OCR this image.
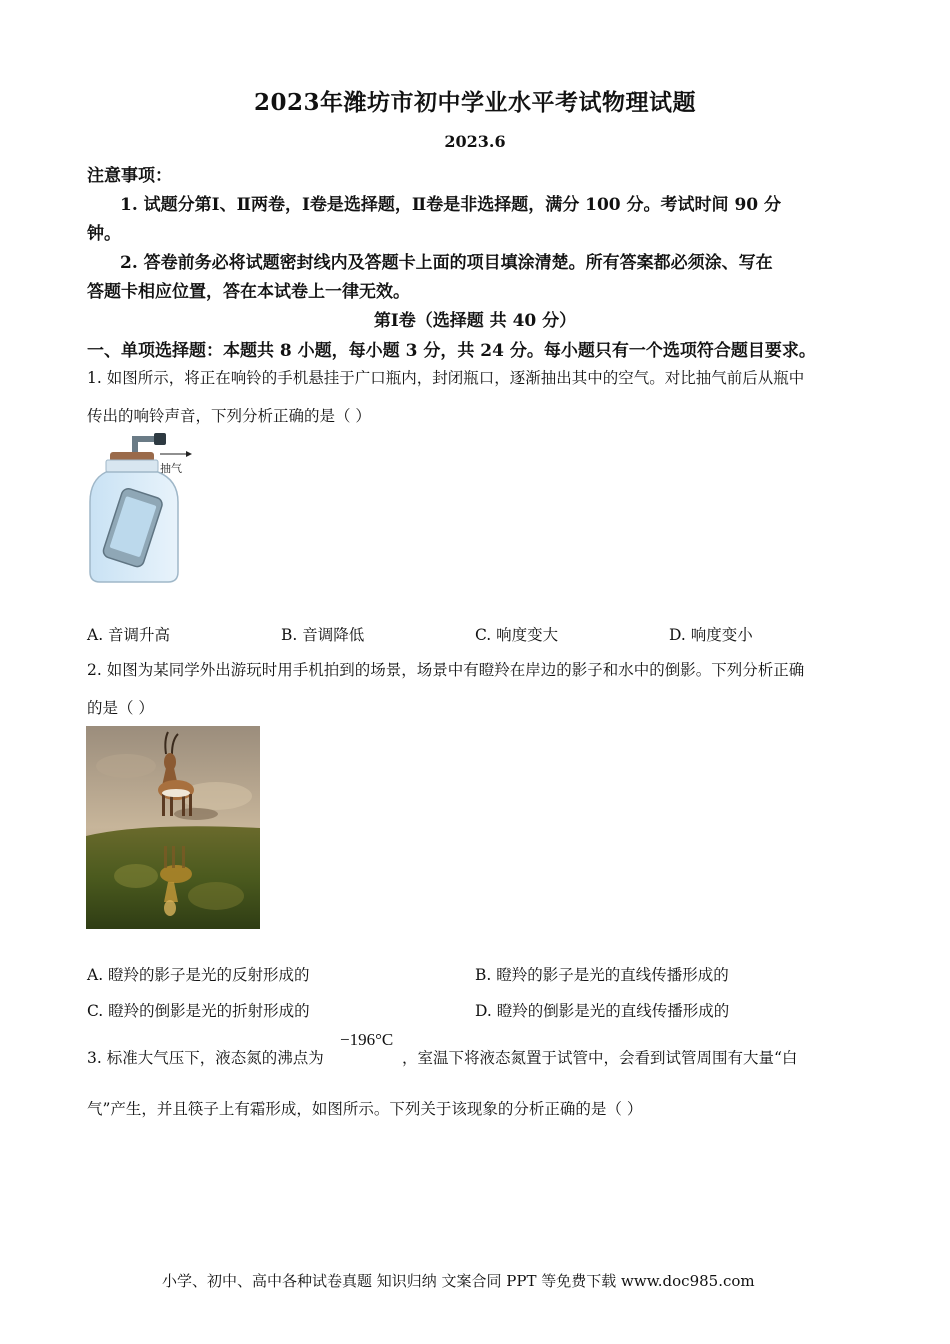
2023年潍坊市初中学业水平考试物理试题
2023.6
注意事项：
1. 试题分第Ⅰ、Ⅱ两卷，Ⅰ卷是选择题，Ⅱ卷是非选择题，满分 100 分。考试时间 90 分
钟。
2. 答卷前务必将试题密封线内及答题卡上面的项目填涂清楚。所有答案都必须涂、写在
答题卡相应位置，答在本试卷上一律无效。
第Ⅰ卷（选择题 共 40 分）
一、单项选择题：本题共 8 小题，每小题 3 分，共 24 分。每小题只有一个选项符合题目要求。
1. 如图所示，将正在响铃的手机悬挂于广口瓶内，封闭瓶口，逐渐抽出其中的空气。对比抽气前后从瓶中
传出的响铃声音，下列分析正确的是（ ）
抽气
A. 音调升高	B. 音调降低	C. 响度变大	D. 响度变小
2. 如图为某同学外出游玩时用手机拍到的场景，场景中有瞪羚在岸边的影子和水中的倒影。下列分析正确
的是（ ）
A. 瞪羚的影子是光的反射形成的	B. 瞪羚的影子是光的直线传播形成的
C. 瞪羚的倒影是光的折射形成的	D. 瞪羚的倒影是光的直线传播形成的
3. 标准大气压下，液态氮的沸点为
−196°C
，室温下将液态氮置于试管中，会看到试管周围有大量“白
气”产生，并且筷子上有霜形成，如图所示。下列关于该现象的分析正确的是（ ）
小学、初中、高中各种试卷真题 知识归纳 文案合同 PPT 等免费下载 www.doc985.com
